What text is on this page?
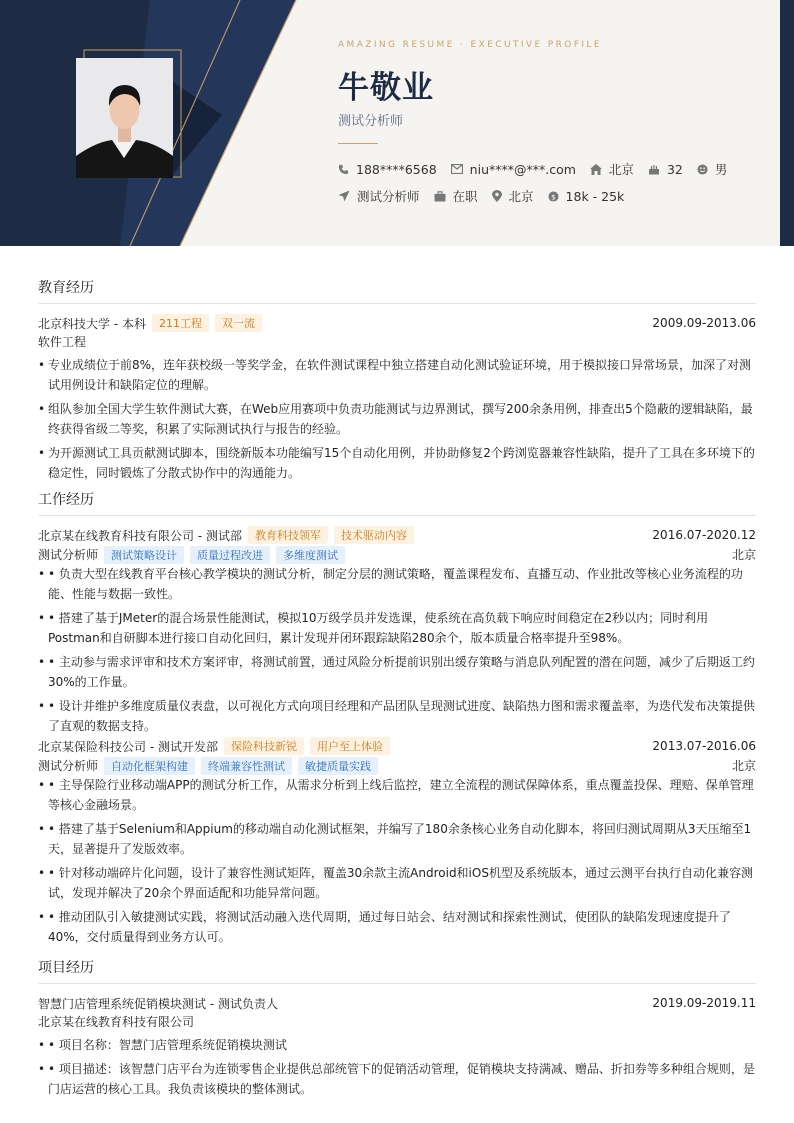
AMAZING RESUME · EXECUTIVE PROFILE
牛敬业
测试分析师
188****6568	niu****@***.com	北京	32	男
测试分析师	在职 北京 $ 18k - 25k
教育经历
北京科技大学 - 本科	211工程	双一流	2009.09-2013.06
软件工程
• 专业成绩位于前8%，连年获校级一等奖学金，在软件测试课程中独立搭建自动化测试验证环境，用于模拟接口异常场景，加深了对测试用例设计和缺陷定位的理解。
• 组队参加全国大学生软件测试大赛，在Web应用赛项中负责功能测试与边界测试，撰写200余条用例，排查出5个隐蔽的逻辑缺陷，最终获得省级二等奖，积累了实际测试执行与报告的经验。
• 为开源测试工具贡献测试脚本，围绕新版本功能编写15个自动化用例，并协助修复2个跨浏览器兼容性缺陷，提升了工具在多环境下的稳定性，同时锻炼了分散式协作中的沟通能力。
工作经历
北京某在线教育科技有限公司 - 测试部	教育科技领军	技术驱动内容	2016.07-2020.12
测试分析师	测试策略设计	质量过程改进	多维度测试	北京
• • 负责大型在线教育平台核心教学模块的测试分析，制定分层的测试策略，覆盖课程发布、直播互动、作业批改等核心业务流程的功能、性能与数据一致性。
• • 搭建了基于JMeter的混合场景性能测试，模拟10万级学员并发选课，使系统在高负载下响应时间稳定在2秒以内；同时利用Postman和自研脚本进行接口自动化回归，累计发现并闭环跟踪缺陷280余个，版本质量合格率提升至98%。
• • 主动参与需求评审和技术方案评审，将测试前置，通过风险分析提前识别出缓存策略与消息队列配置的潜在问题，减少了后期返工约30%的工作量。
• • 设计并维护多维度质量仪表盘，以可视化方式向项目经理和产品团队呈现测试进度、缺陷热力图和需求覆盖率，为迭代发布决策提供了直观的数据支持。
北京某保险科技公司 - 测试开发部	保险科技新锐	用户至上体验	2013.07-2016.06
测试分析师	自动化框架构建	终端兼容性测试	敏捷质量实践	北京
• • 主导保险行业移动端APP的测试分析工作，从需求分析到上线后监控，建立全流程的测试保障体系，重点覆盖投保、理赔、保单管理等核心金融场景。
• • 搭建了基于Selenium和Appium的移动端自动化测试框架，并编写了180余条核心业务自动化脚本，将回归测试周期从3天压缩至1天，显著提升了发版效率。
• • 针对移动端碎片化问题，设计了兼容性测试矩阵，覆盖30余款主流Android和iOS机型及系统版本，通过云测平台执行自动化兼容测试，发现并解决了20余个界面适配和功能异常问题。
• • 推动团队引入敏捷测试实践，将测试活动融入迭代周期，通过每日站会、结对测试和探索性测试，使团队的缺陷发现速度提升了40%，交付质量得到业务方认可。
项目经历
智慧门店管理系统促销模块测试 - 测试负责人	2019.09-2019.11
北京某在线教育科技有限公司
• • 项目名称：智慧门店管理系统促销模块测试
• • 项目描述：该智慧门店平台为连锁零售企业提供总部统管下的促销活动管理，促销模块支持满减、赠品、折扣券等多种组合规则，是门店运营的核心工具。我负责该模块的整体测试。
